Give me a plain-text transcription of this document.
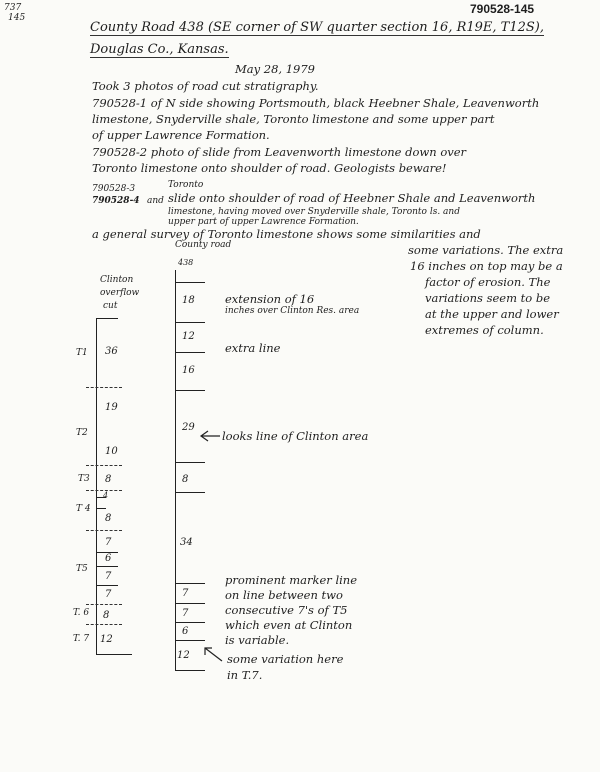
737
145
790528-145
County Road 438 (SE corner of SW quarter section 16, R19E, T12S),
Douglas Co., Kansas.
May 28, 1979
Took 3 photos of road cut stratigraphy.
790528-1 of N side showing Portsmouth, black Heebner Shale, Leavenworth
limestone, Snyderville shale, Toronto limestone and some upper part
of upper Lawrence Formation.
790528-2 photo of slide from Leavenworth limestone down over
Toronto limestone onto shoulder of road. Geologists beware!
Toronto
790528-3
790528-4 and slide onto shoulder of road of Heebner Shale and Leavenworth
limestone, having moved over Snyderville shale, Toronto ls. and
upper part of upper Lawrence Formation.
a general survey of Toronto limestone shows some similarities and
some variations. The extra
16 inches on top may be a
factor of erosion. The
variations seem to be
at the upper and lower
extremes of column.
County road
438
Clinton
overflow
cut
T1
T2
T3
T 4
T5
T. 6
T. 7
36
19
10
8
4
8
7
6
7
7
8
12
18
12
16
29
8
34
7
7
6
12
extension of 16
inches over Clinton Res. area
extra line
looks line of Clinton area
prominent marker line
on line between two
consecutive 7's of T5
which even at Clinton
is variable.
some variation here
in T.7.
